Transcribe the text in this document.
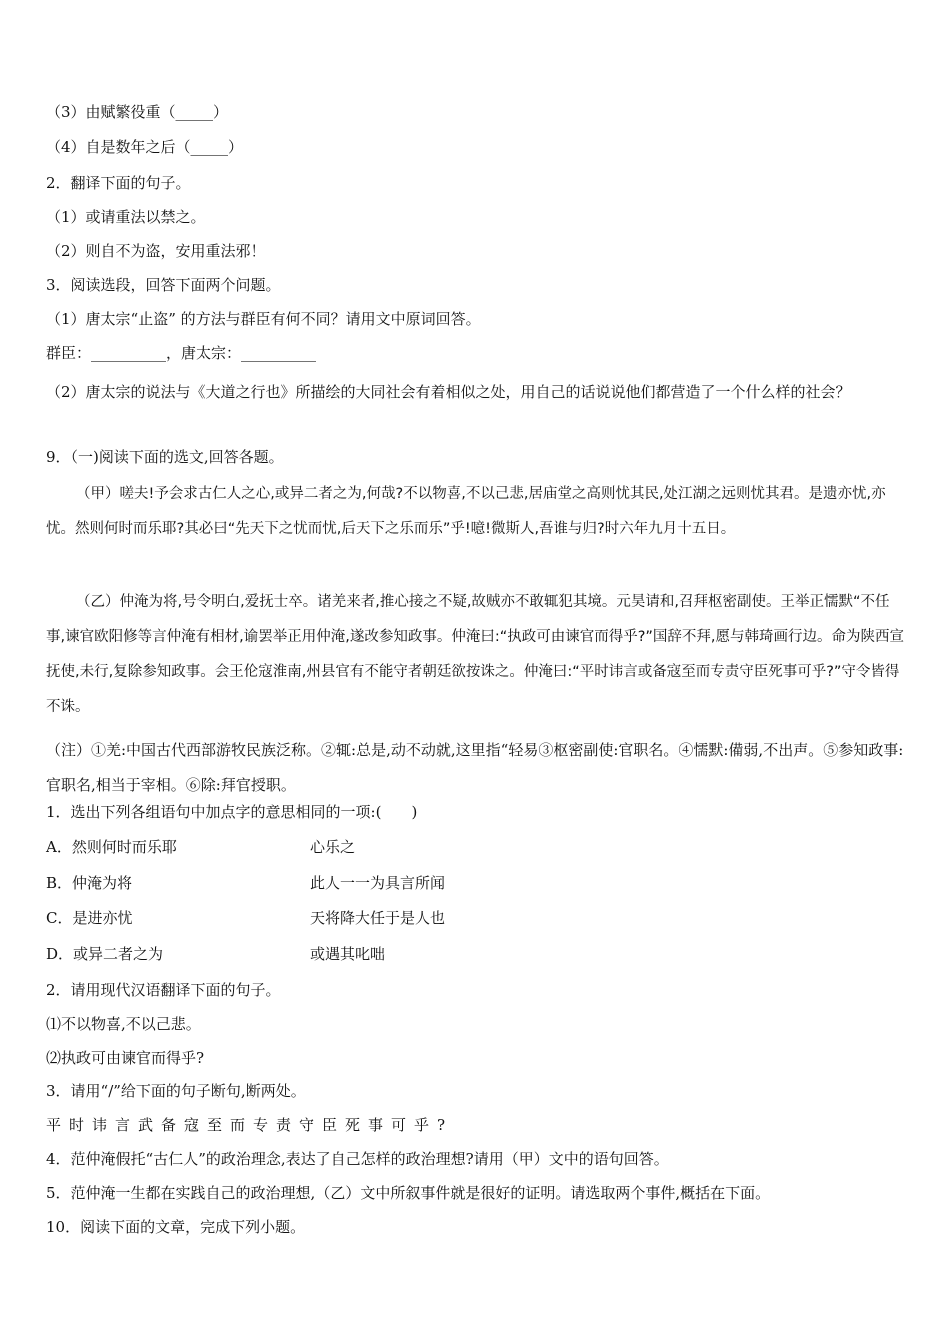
（3）由赋繁役重（_____）
（4）自是数年之后（_____）
2．翻译下面的句子。
（1）或请重法以禁之。
（2）则自不为盗，安用重法邪！
3．阅读选段，回答下面两个问题。
（1）唐太宗“止盗” 的方法与群臣有何不同？请用文中原词回答。
群臣：__________，唐太宗：__________
（2）唐太宗的说法与《大道之行也》所描绘的大同社会有着相似之处，用自己的话说说他们都营造了一个什么样的社会？
9．（一)阅读下面的选文,回答各题。
（甲）嗟夫!予会求古仁人之心,或异二者之为,何哉?不以物喜,不以己悲,居庙堂之高则忧其民,处江湖之远则忧其君。是遗亦忧,亦忧。然则何时而乐耶?其必曰“先天下之忧而忧,后天下之乐而乐”乎!噫!微斯人,吾谁与归?时六年九月十五日。
（乙）仲淹为将,号令明白,爱抚士卒。诸羌来者,推心接之不疑,故贼亦不敢辄犯其境。元昊请和,召拜枢密副使。王举正懦默“不任事,谏官欧阳修等言仲淹有相材,谕罢举正用仲淹,遂改参知政事。仲淹曰:“执政可由谏官而得乎?”国辞不拜,愿与韩琦画行边。命为陕西宣抚使,未行,复除参知政事。会王伦寇淮南,州县官有不能守者朝廷欲按诛之。仲淹曰:“平时讳言或备寇至而专责守臣死事可乎?”守令皆得不诛。
（注）①羌:中国古代西部游牧民族泛称。②辄:总是,动不动就,这里指“轻易③枢密副使:官职名。④懦默:備弱,不出声。⑤参知政事:官职名,相当于宰相。⑥除:拜官授职。
1．选出下列各组语句中加点字的意思相同的一项:(　　)
A．然则何时而乐耶	心乐之
B．仲淹为将	此人一一为具言所闻
C．是进亦忧	天将降大任于是人也
D．或异二者之为	或遇其叱咄
2．请用现代汉语翻译下面的句子。
⑴不以物喜,不以己悲。
⑵执政可由谏官而得乎?
3．请用“/”给下面的句子断句,断两处。
平时讳言武备寇至而专责守臣死事可乎?
4．范仲淹假托“古仁人”的政治理念,表达了自己怎样的政治理想?请用（甲）文中的语句回答。
5．范仲淹一生都在实践自己的政治理想,（乙）文中所叙事件就是很好的证明。请选取两个事件,概括在下面。
10．阅读下面的文章，完成下列小题。
